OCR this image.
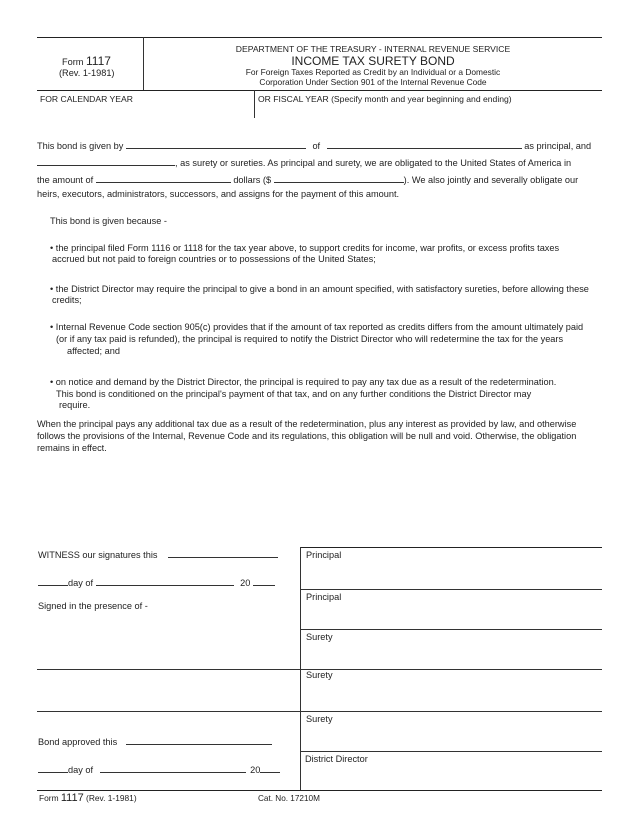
Form 1117
(Rev. 1-1981)
DEPARTMENT OF THE TREASURY - INTERNAL REVENUE SERVICE
INCOME TAX SURETY BOND
For Foreign Taxes Reported as Credit by an Individual or a Domestic
Corporation Under Section 901 of the Internal Revenue Code
FOR CALENDAR YEAR	OR FISCAL YEAR (Specify month and year beginning and ending)
This bond is given by	of	as principal, and
, as surety or sureties. As principal and surety, we are obligated to the United States of America in
the amount of	dollars ($	). We also jointly and severally obligate our
heirs, executors, administrators, successors, and assigns for the payment of this amount.
This bond is given because -
• the principal filed Form 1116 or 1118 for the tax year above, to support credits for income, war profits, or excess profits taxes
accrued but not paid to foreign countries or to possessions of the United States;
• the District Director may require the principal to give a bond in an amount specified, with satisfactory sureties, before allowing these
credits;
• Internal Revenue Code section 905(c) provides that if the amount of tax reported as credits differs from the amount ultimately paid
(or if any tax paid is refunded), the principal is required to notify the District Director who will redetermine the tax for the years
affected; and
• on notice and demand by the District Director, the principal is required to pay any tax due as a result of the redetermination.
This bond is conditioned on the principal's payment of that tax, and on any further conditions the District Director may
require.
When the principal pays any additional tax due as a result of the redetermination, plus any interest as provided by law, and otherwise
follows the provisions of the Internal, Revenue Code and its regulations, this obligation will be null and void. Otherwise, the obligation
remains in effect.
Principal
Principal
Surety
Surety
Surety
District Director
WITNESS our signatures this
day of	20
Signed in the presence of -
Bond approved this
day of	20
Form 1117 (Rev. 1-1981)	Cat. No. 17210M
